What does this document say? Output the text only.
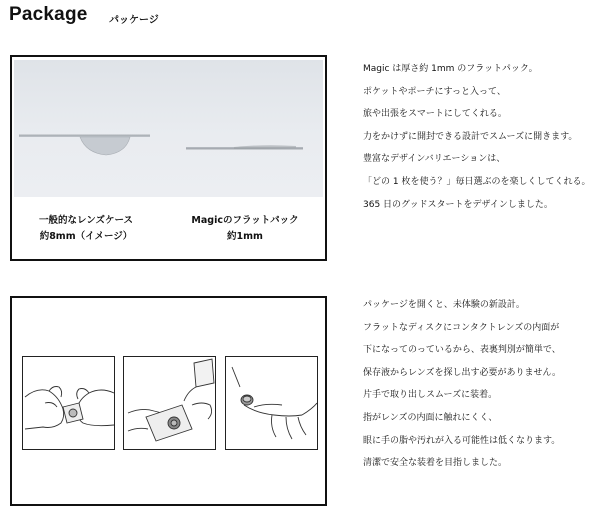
Package パッケージ
一般的なレンズケース
約8mm（イメージ）
Magicのフラットパック
約1mm
Magic は厚さ約 1mm のフラットパック。
ポケットやポーチにすっと入って、
旅や出張をスマートにしてくれる。
力をかけずに開封できる設計でスムーズに開きます。
豊富なデザインバリエーションは、
「どの 1 枚を使う？」毎日選ぶのを楽しくしてくれる。
365 日のグッドスタートをデザインしました。
パッケージを開くと、未体験の新設計。
フラットなディスクにコンタクトレンズの内面が
下になってのっているから、表裏判別が簡単で、
保存液からレンズを探し出す必要がありません。
片手で取り出しスムーズに装着。
指がレンズの内面に触れにくく、
眼に手の脂や汚れが入る可能性は低くなります。
清潔で安全な装着を目指しました。
